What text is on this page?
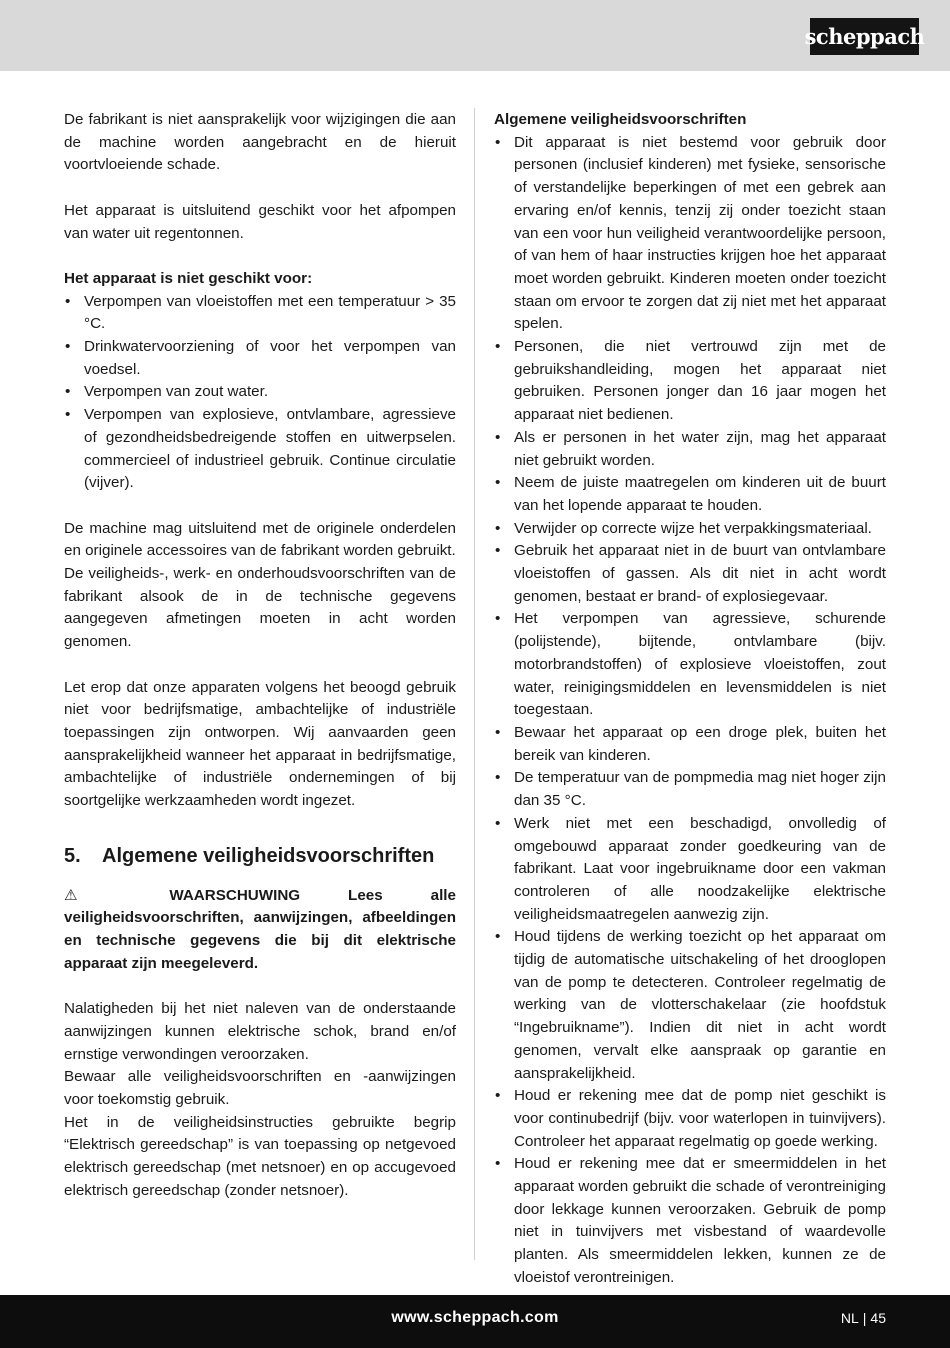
scheppach

De fabrikant is niet aansprakelijk voor wijzigingen die aan de machine worden aangebracht en de hieruit voortvloeiende schade.

Het apparaat is uitsluitend geschikt voor het afpompen van water uit regentonnen.

Het apparaat is niet geschikt voor:

• Verpompen van vloeistoffen met een temperatuur > 35 °C.
• Drinkwatervoorziening of voor het verpompen van voedsel.
• Verpompen van zout water.
• Verpompen van explosieve, ontvlambare, agressieve of gezondheidsbedreigende stoffen en uitwerpselen. commercieel of industrieel gebruik. Continue circulatie (vijver).

De machine mag uitsluitend met de originele onderdelen en originele accessoires van de fabrikant worden gebruikt.

De veiligheids-, werk- en onderhoudsvoorschriften van de fabrikant alsook de in de technische gegevens aangegeven afmetingen moeten in acht worden genomen.

Let erop dat onze apparaten volgens het beoogd gebruik niet voor bedrijfsmatige, ambachtelijke of industriële toepassingen zijn ontworpen. Wij aanvaarden geen aansprakelijkheid wanneer het apparaat in bedrijfsmatige, ambachtelijke of industriële ondernemingen of bij soortgelijke werkzaamheden wordt ingezet.

5. Algemene veiligheidsvoorschriften

⚠	WAARSCHUWING Lees alle veiligheidsvoorschriften, aanwijzingen, afbeeldingen en technische gegevens die bij dit elektrische apparaat zijn meegeleverd.

Nalatigheden bij het niet naleven van de onderstaande aanwijzingen kunnen elektrische schok, brand en/of ernstige verwondingen veroorzaken.

Bewaar alle veiligheidsvoorschriften en -aanwijzingen voor toekomstig gebruik.

Het in de veiligheidsinstructies gebruikte begrip “Elektrisch gereedschap” is van toepassing op netgevoed elektrisch gereedschap (met netsnoer) en op accugevoed elektrisch gereedschap (zonder netsnoer).

Algemene veiligheidsvoorschriften

• Dit apparaat is niet bestemd voor gebruik door personen (inclusief kinderen) met fysieke, sensorische of verstandelijke beperkingen of met een gebrek aan ervaring en/of kennis, tenzij zij onder toezicht staan van een voor hun veiligheid verantwoordelijke persoon, of van hem of haar instructies krijgen hoe het apparaat moet worden gebruikt. Kinderen moeten onder toezicht staan om ervoor te zorgen dat zij niet met het apparaat spelen.
• Personen, die niet vertrouwd zijn met de gebruikshandleiding, mogen het apparaat niet gebruiken. Personen jonger dan 16 jaar mogen het apparaat niet bedienen.
• Als er personen in het water zijn, mag het apparaat niet gebruikt worden.
• Neem de juiste maatregelen om kinderen uit de buurt van het lopende apparaat te houden.
• Verwijder op correcte wijze het verpakkingsmateriaal.
• Gebruik het apparaat niet in de buurt van ontvlambare vloeistoffen of gassen. Als dit niet in acht wordt genomen, bestaat er brand- of explosiegevaar.
• Het verpompen van agressieve, schurende (polijstende), bijtende, ontvlambare (bijv. motorbrandstoffen) of explosieve vloeistoffen, zout water, reinigingsmiddelen en levensmiddelen is niet toegestaan.
• Bewaar het apparaat op een droge plek, buiten het bereik van kinderen.
• De temperatuur van de pompmedia mag niet hoger zijn dan 35 °C.
• Werk niet met een beschadigd, onvolledig of omgebouwd apparaat zonder goedkeuring van de fabrikant. Laat voor ingebruikname door een vakman controleren of alle noodzakelijke elektrische veiligheidsmaatregelen aanwezig zijn.
• Houd tijdens de werking toezicht op het apparaat om tijdig de automatische uitschakeling of het drooglopen van de pomp te detecteren. Controleer regelmatig de werking van de vlotterschakelaar (zie hoofdstuk “Ingebruikname”). Indien dit niet in acht wordt genomen, vervalt elke aanspraak op garantie en aansprakelijkheid.
• Houd er rekening mee dat de pomp niet geschikt is voor continubedrijf (bijv. voor waterlopen in tuinvijvers). Controleer het apparaat regelmatig op goede werking.
• Houd er rekening mee dat er smeermiddelen in het apparaat worden gebruikt die schade of verontreiniging door lekkage kunnen veroorzaken. Gebruik de pomp niet in tuinvijvers met visbestand of waardevolle planten. Als smeermiddelen lekken, kunnen ze de vloeistof verontreinigen.
www.scheppach.com	NL | 45
